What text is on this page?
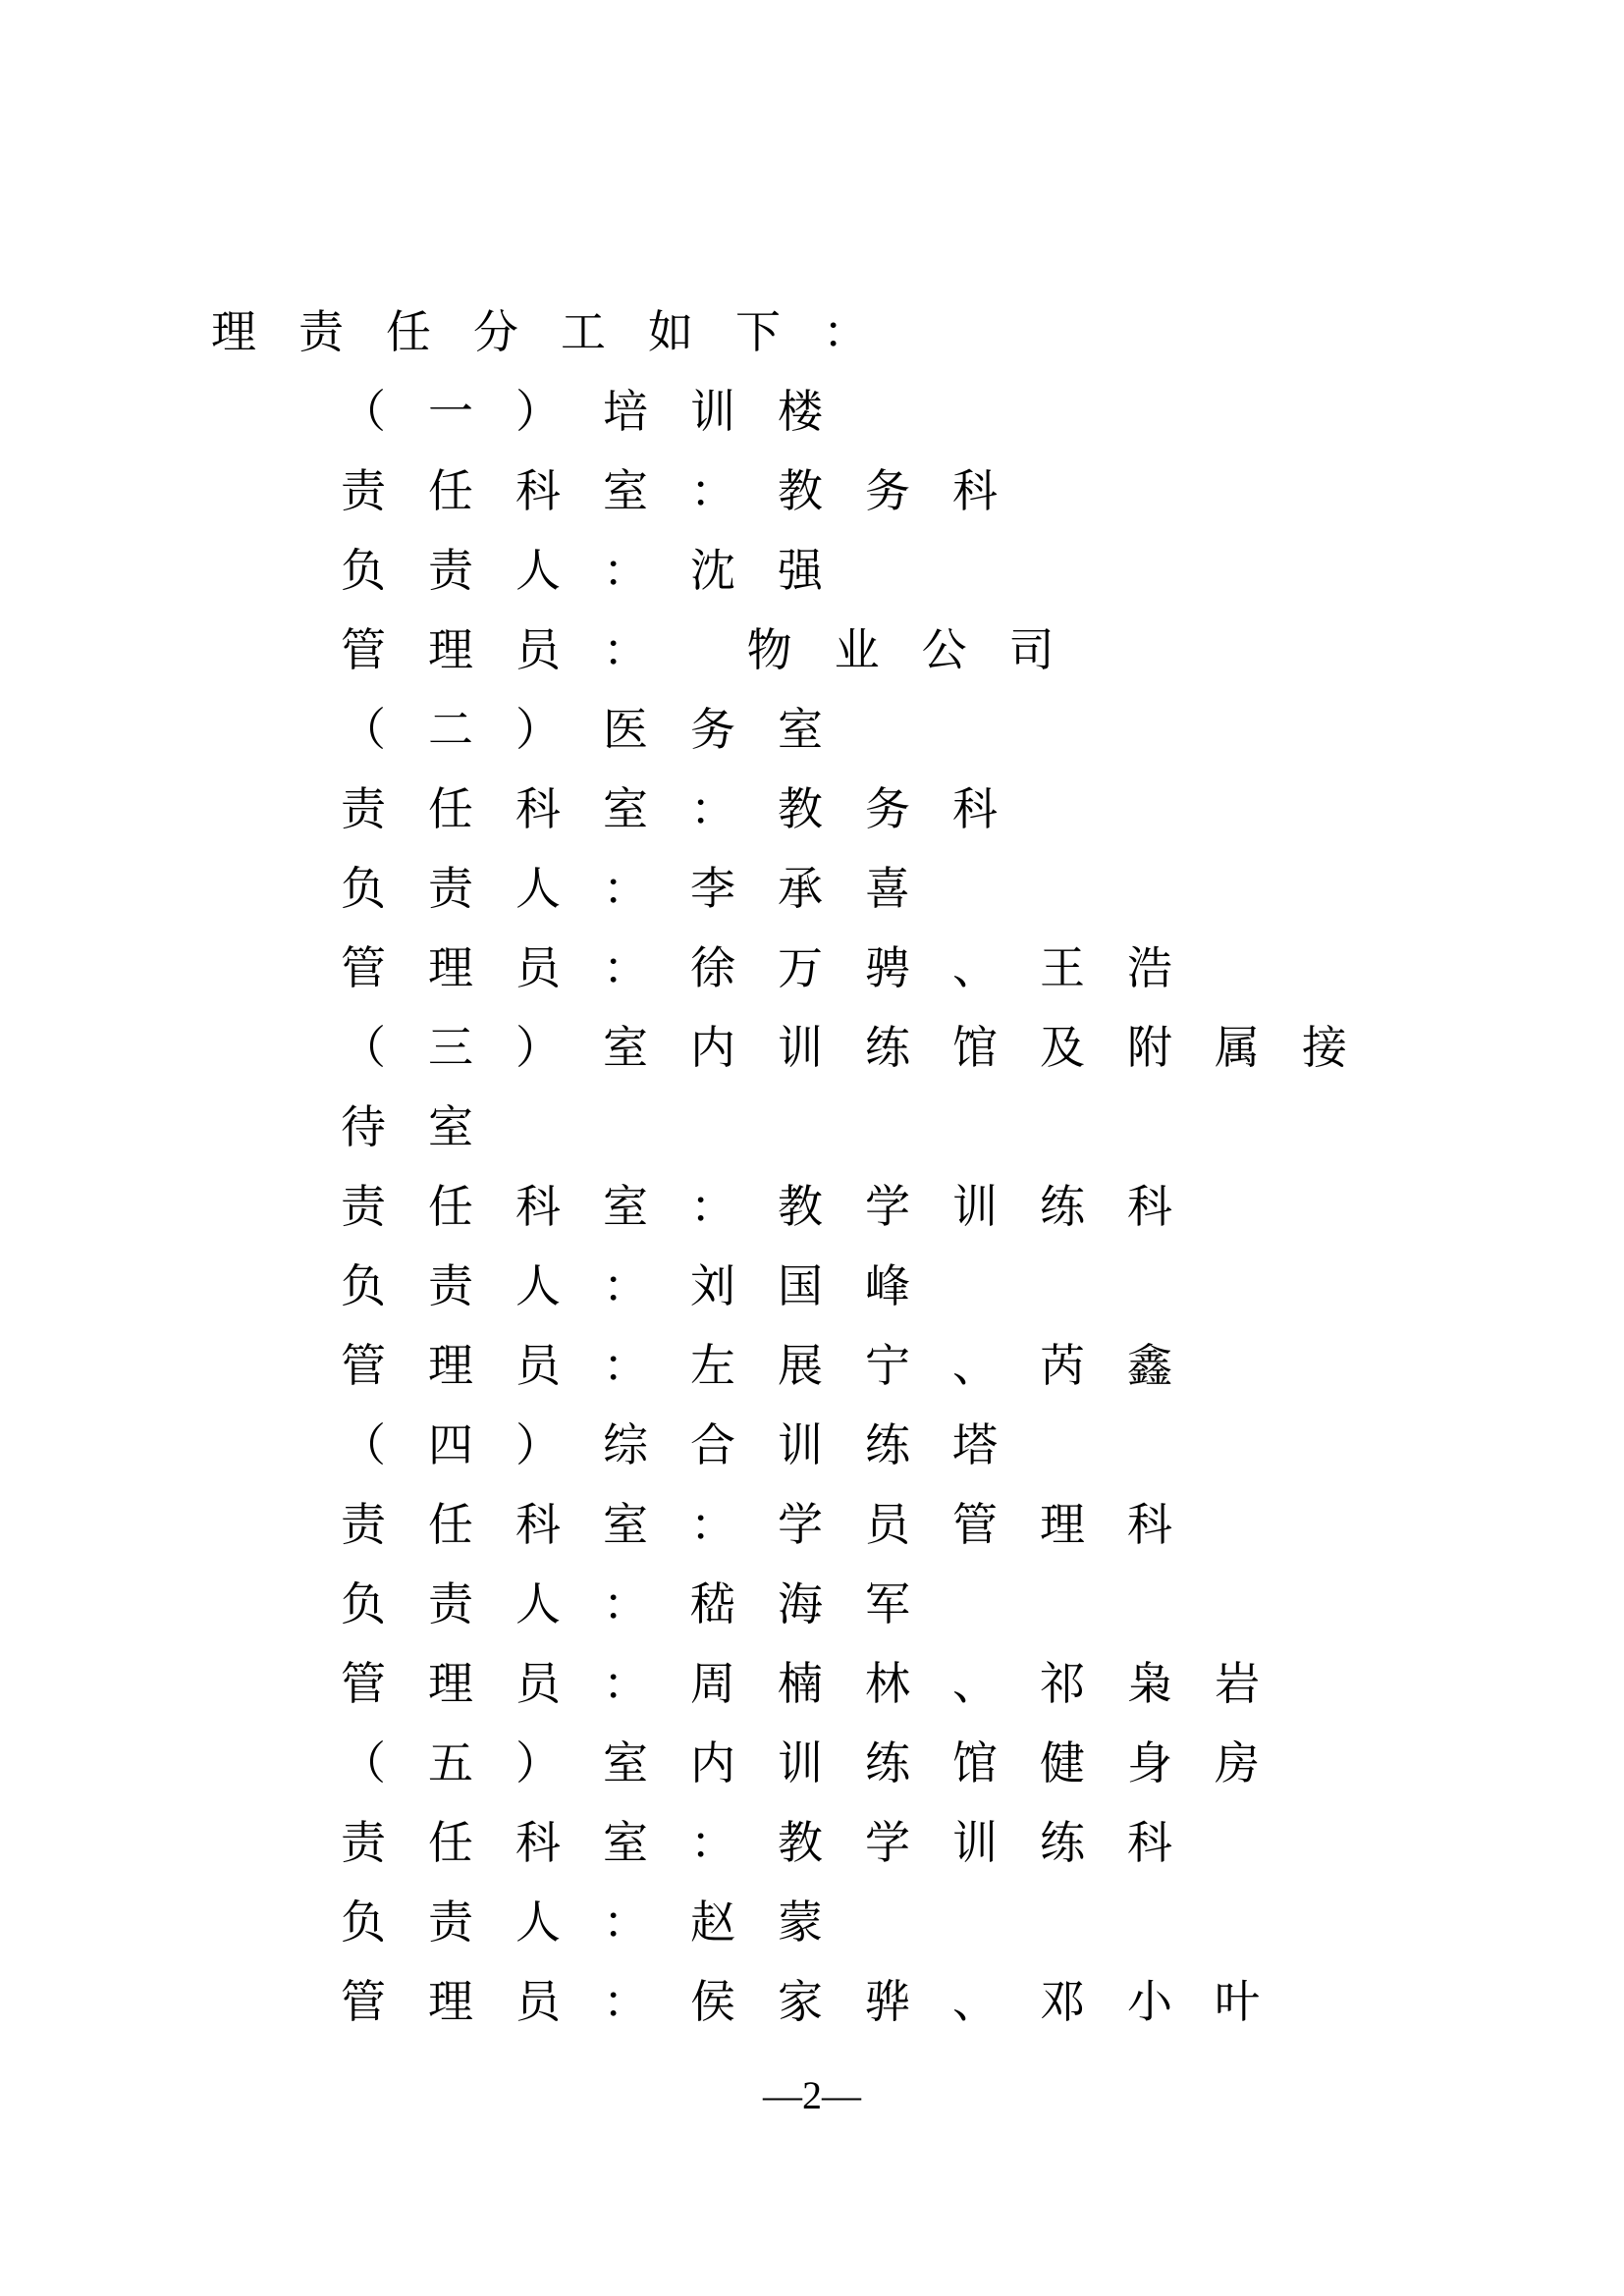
理责任分工如下：
（一）培训楼
责任科室：教务科
负责人：沈强
管理员： 物业公司
（二）医务室
责任科室：教务科
负责人：李承喜
管理员：徐万骋、王浩
（三）室内训练馆及附属接
待室
责任科室：教学训练科
负责人：刘国峰
管理员：左展宁、芮鑫
（四）综合训练塔
责任科室：学员管理科
负责人：嵇海军
管理员：周楠林、祁枭岩
（五）室内训练馆健身房
责任科室：教学训练科
负责人：赵蒙
管理员：侯家骅、邓小叶
—2—
